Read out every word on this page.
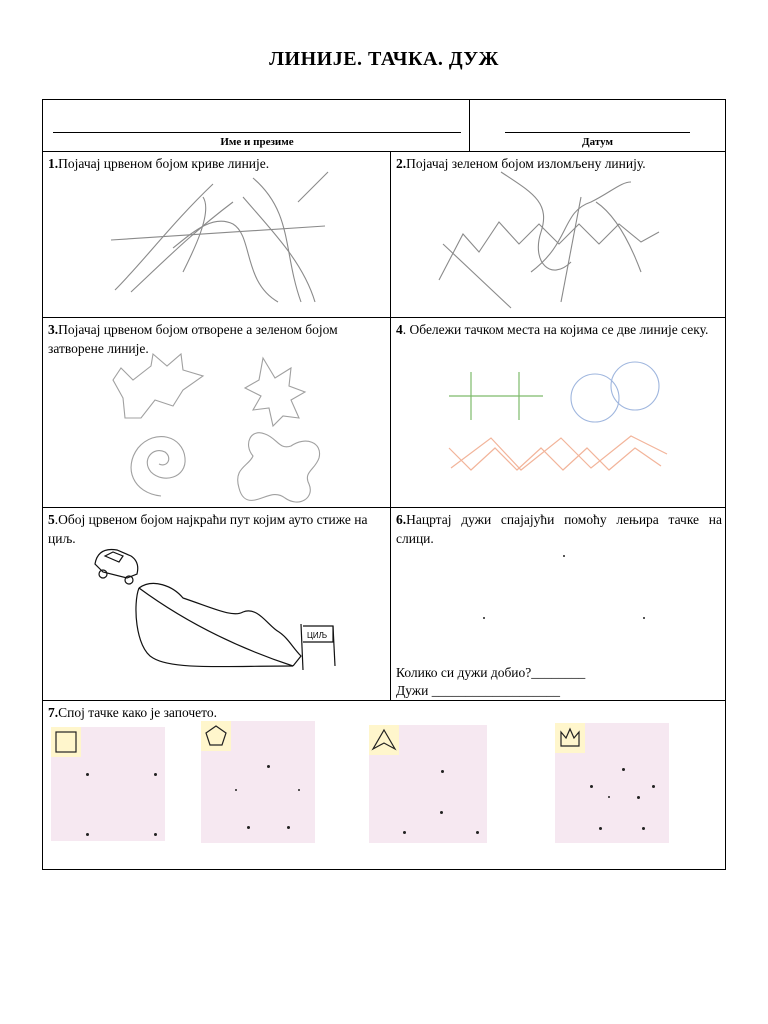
ЛИНИЈЕ. ТАЧКА. ДУЖ
Име и презиме	Датум
1.Појачај црвеном бојом криве линије.	2.Појачај зеленом бојом изломљену линију.
3.Појачај црвеном бојом отворене а зеленом бојом затворене линије.
4. Обележи тачком места на којима се две линије секу.
5.Обој црвеном бојом најкраћи пут којим ауто стиже на циљ.
ЦИЉ
6.Нацртај дужи спајајући помоћу лењира тачке на слици.
Колико си дужи добио?________
Дужи ___________________
7.Спој тачке како је започето.
